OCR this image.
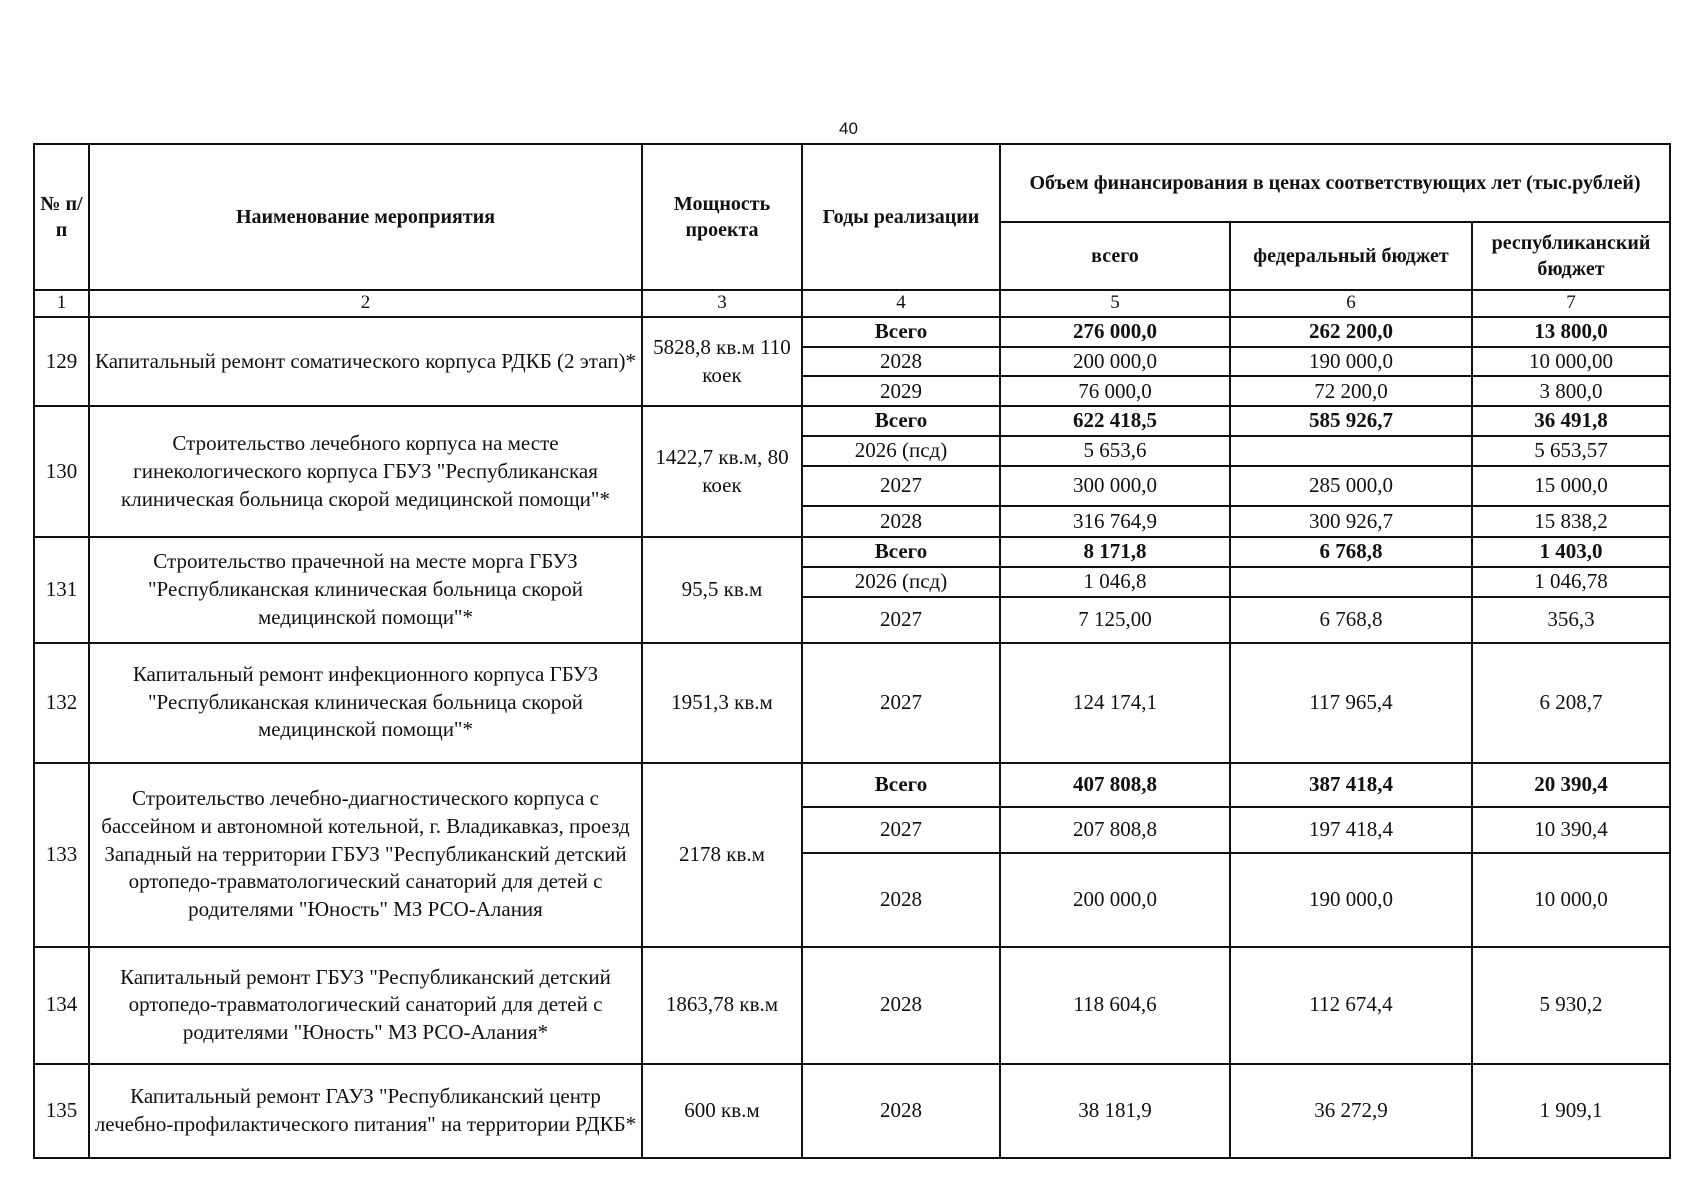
40
№ п/п	Наименование мероприятия	Мощность проекта	Годы реализации	Объем финансирования в ценах соответствующих лет (тыс.рублей)		
				всего	федеральный бюджет	республиканский бюджет
1	2	3	4	5	6	7
129	Капитальный ремонт соматического корпуса РДКБ (2 этап)*	5828,8 кв.м 110 коек	Всего	276 000,0	262 200,0	13 800,0
			2028	200 000,0	190 000,0	10 000,00
			2029	76 000,0	72 200,0	3 800,0
130	Строительство лечебного корпуса на месте гинекологического корпуса ГБУЗ "Республиканская клиническая больница скорой медицинской помощи"*	1422,7 кв.м, 80 коек	Всего	622 418,5	585 926,7	36 491,8
			2026 (псд)	5 653,6		5 653,57
			2027	300 000,0	285 000,0	15 000,0
			2028	316 764,9	300 926,7	15 838,2
131	Строительство прачечной на месте морга ГБУЗ "Республиканская клиническая больница скорой медицинской помощи"*	95,5 кв.м	Всего	8 171,8	6 768,8	1 403,0
			2026 (псд)	1 046,8		1 046,78
			2027	7 125,00	6 768,8	356,3
132	Капитальный ремонт инфекционного корпуса ГБУЗ "Республиканская клиническая больница скорой медицинской помощи"*	1951,3 кв.м	2027	124 174,1	117 965,4	6 208,7
133	Строительство лечебно-диагностического корпуса с бассейном и автономной котельной, г. Владикавказ, проезд Западный на территории ГБУЗ "Республиканский детский ортопедо-травматологический санаторий для детей с родителями "Юность" МЗ РСО-Алания	2178 кв.м	Всего	407 808,8	387 418,4	20 390,4
			2027	207 808,8	197 418,4	10 390,4
			2028	200 000,0	190 000,0	10 000,0
134	Капитальный ремонт ГБУЗ "Республиканский детский ортопедо-травматологический санаторий для детей с родителями "Юность" МЗ РСО-Алания*	1863,78 кв.м	2028	118 604,6	112 674,4	5 930,2
135	Капитальный ремонт ГАУЗ "Республиканский центр лечебно-профилактического питания" на территории РДКБ*	600 кв.м	2028	38 181,9	36 272,9	1 909,1
